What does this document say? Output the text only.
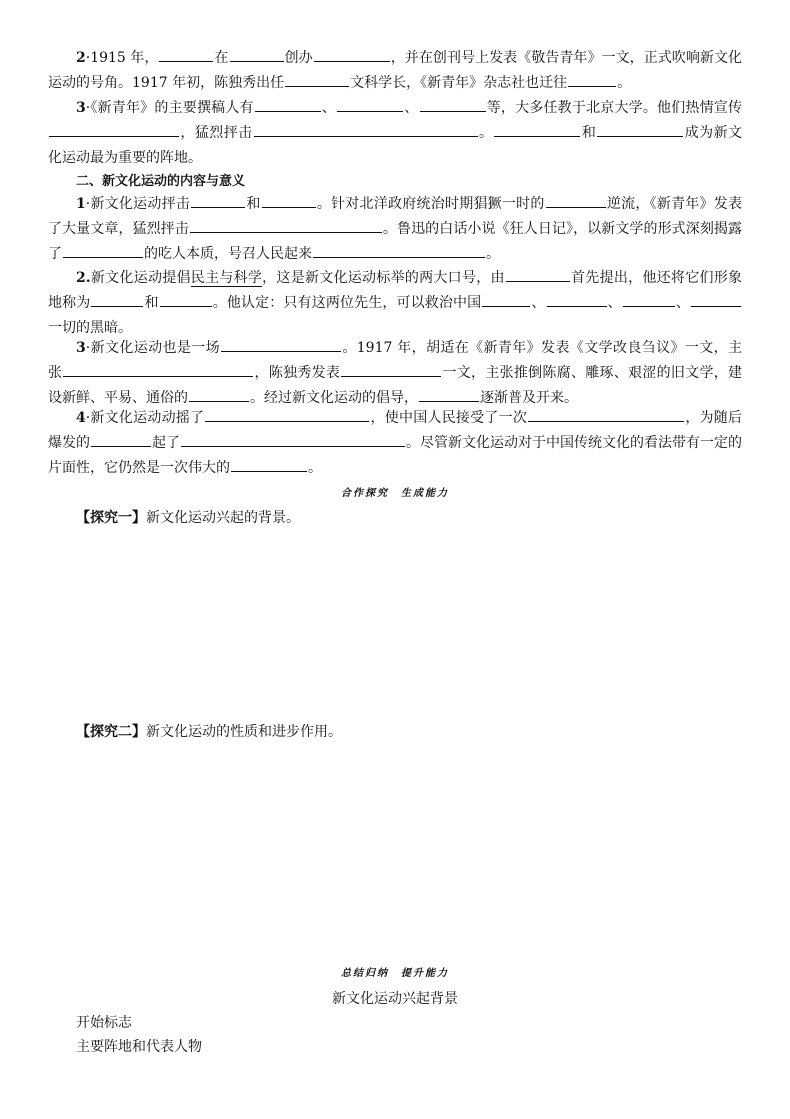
2·1915 年，	在	创办	，并在创刊号上发表《敬告青年》一文，正式吹响新文化运动的号角。1917 年初，陈独秀出任	文科学长，《新青年》杂志社也迁往	。
3·《新青年》的主要撰稿人有	、	、	等，大多任教于北京大学。他们热情宣传，猛烈抨击	。	和	成为新文化运动最为重要的阵地。
二、新文化运动的内容与意义
1·新文化运动抨击	和	。针对北洋政府统治时期猖獗一时的	逆流，《新青年》发表了大量文章，猛烈抨击	。鲁迅的白话小说《狂人日记》，以新文学的形式深刻揭露了	的吃人本质，号召人民起来	。
2.新文化运动提倡民主与科学，这是新文化运动标举的两大口号，由	首先提出，他还将它们形象地称为	和	。他认定：只有这两位先生，可以救治中国	、	、	、一切的黑暗。
3·新文化运动也是一场	。1917 年，胡适在《新青年》发表《文学改良刍议》一文，主张	，陈独秀发表	一文，主张推倒陈腐、雕琢、艰涩的旧文学，建设新鲜、平易、通俗的	。经过新文化运动的倡导，	逐渐普及开来。
4·新文化运动动摇了	，使中国人民接受了一次	，为随后爆发的	起了	。尽管新文化运动对于中国传统文化的看法带有一定的片面性，它仍然是一次伟大的	。
合作探究　生成能力
【探究一】新文化运动兴起的背景。
【探究二】新文化运动的性质和进步作用。
总结归纳　提升能力
新文化运动兴起背景
开始标志
主要阵地和代表人物
